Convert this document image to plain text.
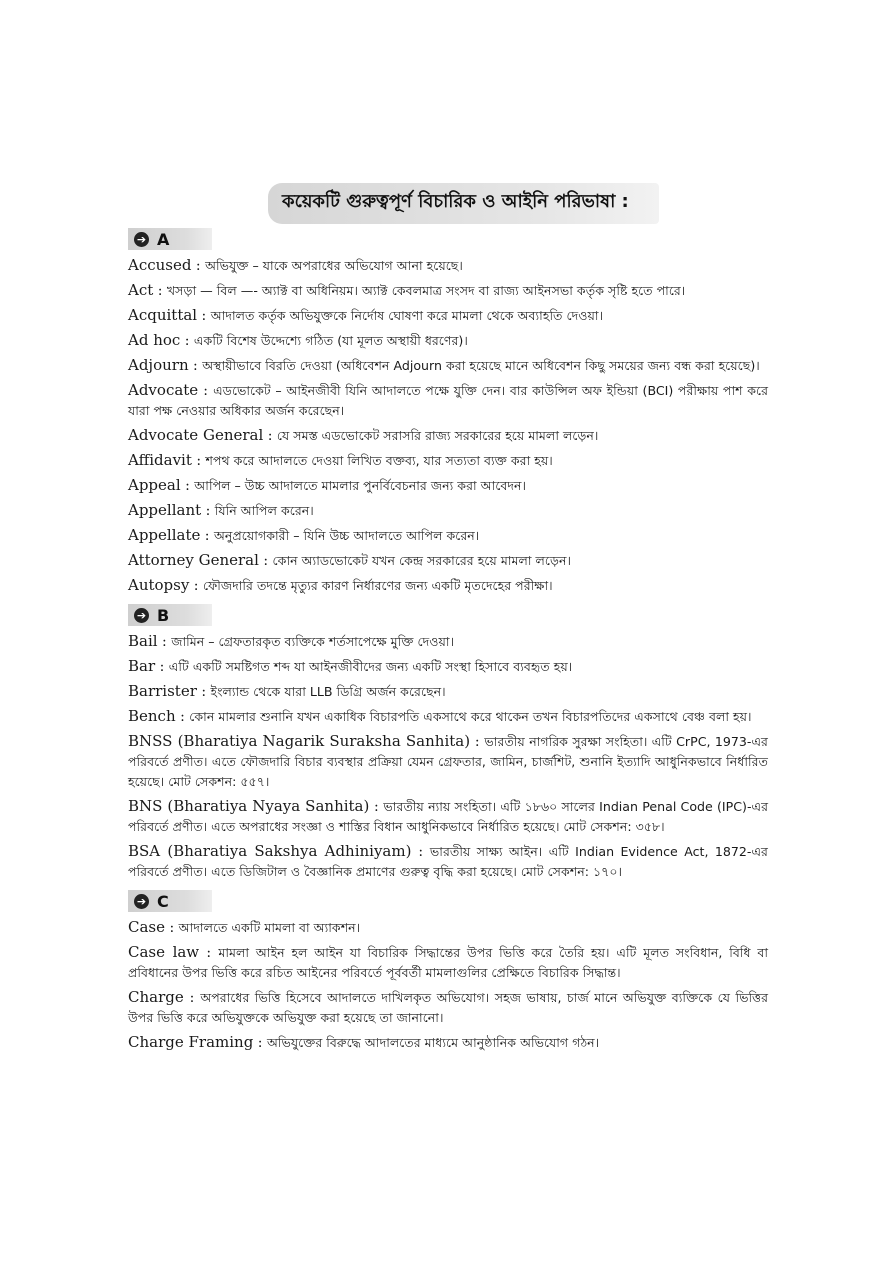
কয়েকটি গুরুত্বপূর্ণ বিচারিক ও আইনি পরিভাষা :
➔ A
Accused : অভিযুক্ত – যাকে অপরাধের অভিযোগ আনা হয়েছে।
Act : খসড়া — বিল —- অ্যাক্ট বা অধিনিয়ম। অ্যাক্ট কেবলমাত্র সংসদ বা রাজ্য আইনসভা কর্তৃক সৃষ্টি হতে পারে।
Acquittal : আদালত কর্তৃক অভিযুক্তকে নির্দোষ ঘোষণা করে মামলা থেকে অব্যাহতি দেওয়া।
Ad hoc : একটি বিশেষ উদ্দেশ্যে গঠিত (যা মূলত অস্থায়ী ধরণের)।
Adjourn : অস্থায়ীভাবে বিরতি দেওয়া (অধিবেশন Adjourn করা হয়েছে মানে অধিবেশন কিছু সময়ের জন্য বন্ধ করা হয়েছে)।
Advocate : এডভোকেট – আইনজীবী যিনি আদালতে পক্ষে যুক্তি দেন। বার কাউন্সিল অফ ইন্ডিয়া (BCI) পরীক্ষায় পাশ করে যারা পক্ষ নেওয়ার অধিকার অর্জন করেছেন।
Advocate General : যে সমস্ত এডভোকেট সরাসরি রাজ্য সরকারের হয়ে মামলা লড়েন।
Affidavit : শপথ করে আদালতে দেওয়া লিখিত বক্তব্য, যার সত্যতা ব্যক্ত করা হয়।
Appeal : আপিল – উচ্চ আদালতে মামলার পুনর্বিবেচনার জন্য করা আবেদন।
Appellant : যিনি আপিল করেন।
Appellate : অনুপ্রয়োগকারী – যিনি উচ্চ আদালতে আপিল করেন।
Attorney General : কোন অ্যাডভোকেট যখন কেন্দ্র সরকারের হয়ে মামলা লড়েন।
Autopsy : ফৌজদারি তদন্তে মৃত্যুর কারণ নির্ধারণের জন্য একটি মৃতদেহের পরীক্ষা।
➔ B
Bail : জামিন – গ্রেফতারকৃত ব্যক্তিকে শর্তসাপেক্ষে মুক্তি দেওয়া।
Bar : এটি একটি সমষ্টিগত শব্দ যা আইনজীবীদের জন্য একটি সংস্থা হিসাবে ব্যবহৃত হয়।
Barrister : ইংল্যান্ড থেকে যারা LLB ডিগ্রি অর্জন করেছেন।
Bench : কোন মামলার শুনানি যখন একাধিক বিচারপতি একসাথে করে থাকেন তখন বিচারপতিদের একসাথে বেঞ্চ বলা হয়।
BNSS (Bharatiya Nagarik Suraksha Sanhita) : ভারতীয় নাগরিক সুরক্ষা সংহিতা। এটি CrPC, 1973-এর পরিবর্তে প্রণীত। এতে ফৌজদারি বিচার ব্যবস্থার প্রক্রিয়া যেমন গ্রেফতার, জামিন, চার্জশিট, শুনানি ইত্যাদি আধুনিকভাবে নির্ধারিত হয়েছে। মোট সেকশন: ৫৫৭।
BNS (Bharatiya Nyaya Sanhita) : ভারতীয় ন্যায় সংহিতা। এটি ১৮৬০ সালের Indian Penal Code (IPC)-এর পরিবর্তে প্রণীত। এতে অপরাধের সংজ্ঞা ও শাস্তির বিধান আধুনিকভাবে নির্ধারিত হয়েছে। মোট সেকশন: ৩৫৮।
BSA (Bharatiya Sakshya Adhiniyam) : ভারতীয় সাক্ষ্য আইন। এটি Indian Evidence Act, 1872-এর পরিবর্তে প্রণীত। এতে ডিজিটাল ও বৈজ্ঞানিক প্রমাণের গুরুত্ব বৃদ্ধি করা হয়েছে। মোট সেকশন: ১৭০।
➔ C
Case : আদালতে একটি মামলা বা অ্যাকশন।
Case law : মামলা আইন হল আইন যা বিচারিক সিদ্ধান্তের উপর ভিত্তি করে তৈরি হয়। এটি মূলত সংবিধান, বিধি বা প্রবিধানের উপর ভিত্তি করে রচিত আইনের পরিবর্তে পূর্ববর্তী মামলাগুলির প্রেক্ষিতে বিচারিক সিদ্ধান্ত।
Charge : অপরাধের ভিত্তি হিসেবে আদালতে দাখিলকৃত অভিযোগ। সহজ ভাষায়, চার্জ মানে অভিযুক্ত ব্যক্তিকে যে ভিত্তির উপর ভিত্তি করে অভিযুক্তকে অভিযুক্ত করা হয়েছে তা জানানো।
Charge Framing : অভিযুক্তের বিরুদ্ধে আদালতের মাধ্যমে আনুষ্ঠানিক অভিযোগ গঠন।
